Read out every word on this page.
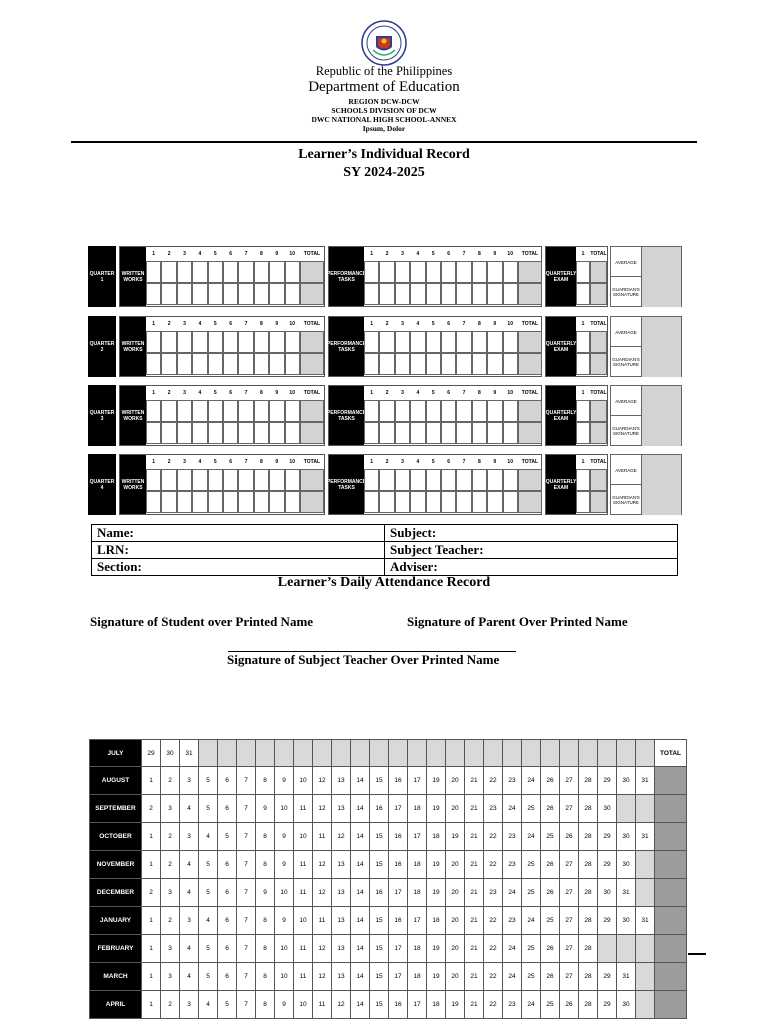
Republic of the Philippines
Department of Education
REGION DCW-DCW
SCHOOLS DIVISION OF DCW
DWC NATIONAL HIGH SCHOOL-ANNEX
Ipsum, Dolor
Learner’s Individual Record
SY 2024-2025
QUARTER 1
WRITTEN WORKS
1	2	3	4	5	6	7	8	9	10	TOTAL
PERFORMANCE TASKS
1	2	3	4	5	6	7	8	9	10	TOTAL
QUARTERLY EXAM
1	TOTAL
AVERAGE
GUARDIAN'S SIGNATURE
QUARTER 2
WRITTEN WORKS
1	2	3	4	5	6	7	8	9	10	TOTAL
PERFORMANCE TASKS
1	2	3	4	5	6	7	8	9	10	TOTAL
QUARTERLY EXAM
1	TOTAL
AVERAGE
GUARDIAN'S SIGNATURE
QUARTER 3
WRITTEN WORKS
1	2	3	4	5	6	7	8	9	10	TOTAL
PERFORMANCE TASKS
1	2	3	4	5	6	7	8	9	10	TOTAL
QUARTERLY EXAM
1	TOTAL
AVERAGE
GUARDIAN'S SIGNATURE
QUARTER 4
WRITTEN WORKS
1	2	3	4	5	6	7	8	9	10	TOTAL
PERFORMANCE TASKS
1	2	3	4	5	6	7	8	9	10	TOTAL
QUARTERLY EXAM
1	TOTAL
AVERAGE
GUARDIAN'S SIGNATURE
Name:	Subject:
LRN:	Subject Teacher:
Section:	Adviser:
Learner’s Daily Attendance Record
Signature of Student over Printed Name	Signature of Parent Over Printed Name
Signature of Subject Teacher Over Printed Name
JULY	29	30	31																									TOTAL
AUGUST	1	2	3	5	6	7	8	9	10	12	13	14	15	16	17	19	20	21	22	23	24	26	27	28	29	30	31	
SEPTEMBER	2	3	4	5	6	7	9	10	11	12	13	14	16	17	18	19	20	21	23	24	25	26	27	28	30			
OCTOBER	1	2	3	4	5	7	8	9	10	11	12	14	15	16	17	18	19	21	22	23	24	25	26	28	29	30	31	
NOVEMBER	1	2	4	5	6	7	8	9	11	12	13	14	15	16	18	19	20	21	22	23	25	26	27	28	29	30		
DECEMBER	2	3	4	5	6	7	9	10	11	12	13	14	16	17	18	19	20	21	23	24	25	26	27	28	30	31		
JANUARY	1	2	3	4	6	7	8	9	10	11	13	14	15	16	17	18	20	21	22	23	24	25	27	28	29	30	31	
FEBRUARY	1	3	4	5	6	7	8	10	11	12	13	14	15	17	18	19	20	21	22	24	25	26	27	28				
MARCH	1	3	4	5	6	7	8	10	11	12	13	14	15	17	18	19	20	21	22	24	25	26	27	28	29	31		
APRIL	1	2	3	4	5	7	8	9	10	11	12	14	15	16	17	18	19	21	22	23	24	25	26	28	29	30		
